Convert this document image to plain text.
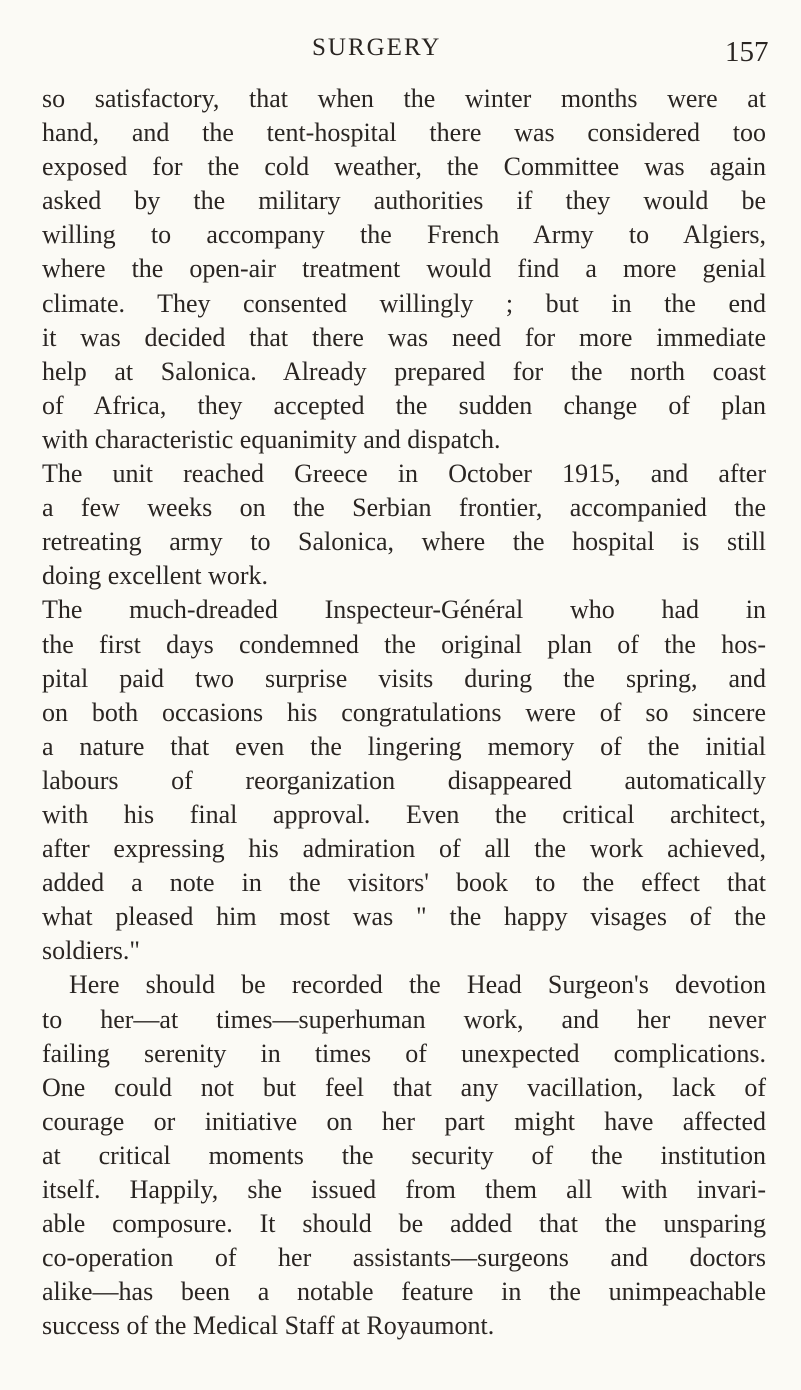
SURGERY	157
so satisfactory, that when the winter months were at
hand, and the tent-hospital there was considered too
exposed for the cold weather, the Committee was again
asked by the military authorities if they would be
willing to accompany the French Army to Algiers,
where the open-air treatment would find a more genial
climate. They consented willingly ; but in the end
it was decided that there was need for more immediate
help at Salonica. Already prepared for the north coast
of Africa, they accepted the sudden change of plan
with characteristic equanimity and dispatch.
The unit reached Greece in October 1915, and after
a few weeks on the Serbian frontier, accompanied the
retreating army to Salonica, where the hospital is still
doing excellent work.
The much-dreaded Inspecteur-Général who had in
the first days condemned the original plan of the hos-
pital paid two surprise visits during the spring, and
on both occasions his congratulations were of so sincere
a nature that even the lingering memory of the initial
labours of reorganization disappeared automatically
with his final approval. Even the critical architect,
after expressing his admiration of all the work achieved,
added a note in the visitors' book to the effect that
what pleased him most was " the happy visages of the
soldiers."
Here should be recorded the Head Surgeon's devotion
to her—at times—superhuman work, and her never
failing serenity in times of unexpected complications.
One could not but feel that any vacillation, lack of
courage or initiative on her part might have affected
at critical moments the security of the institution
itself. Happily, she issued from them all with invari-
able composure. It should be added that the unsparing
co-operation of her assistants—surgeons and doctors
alike—has been a notable feature in the unimpeachable
success of the Medical Staff at Royaumont.
